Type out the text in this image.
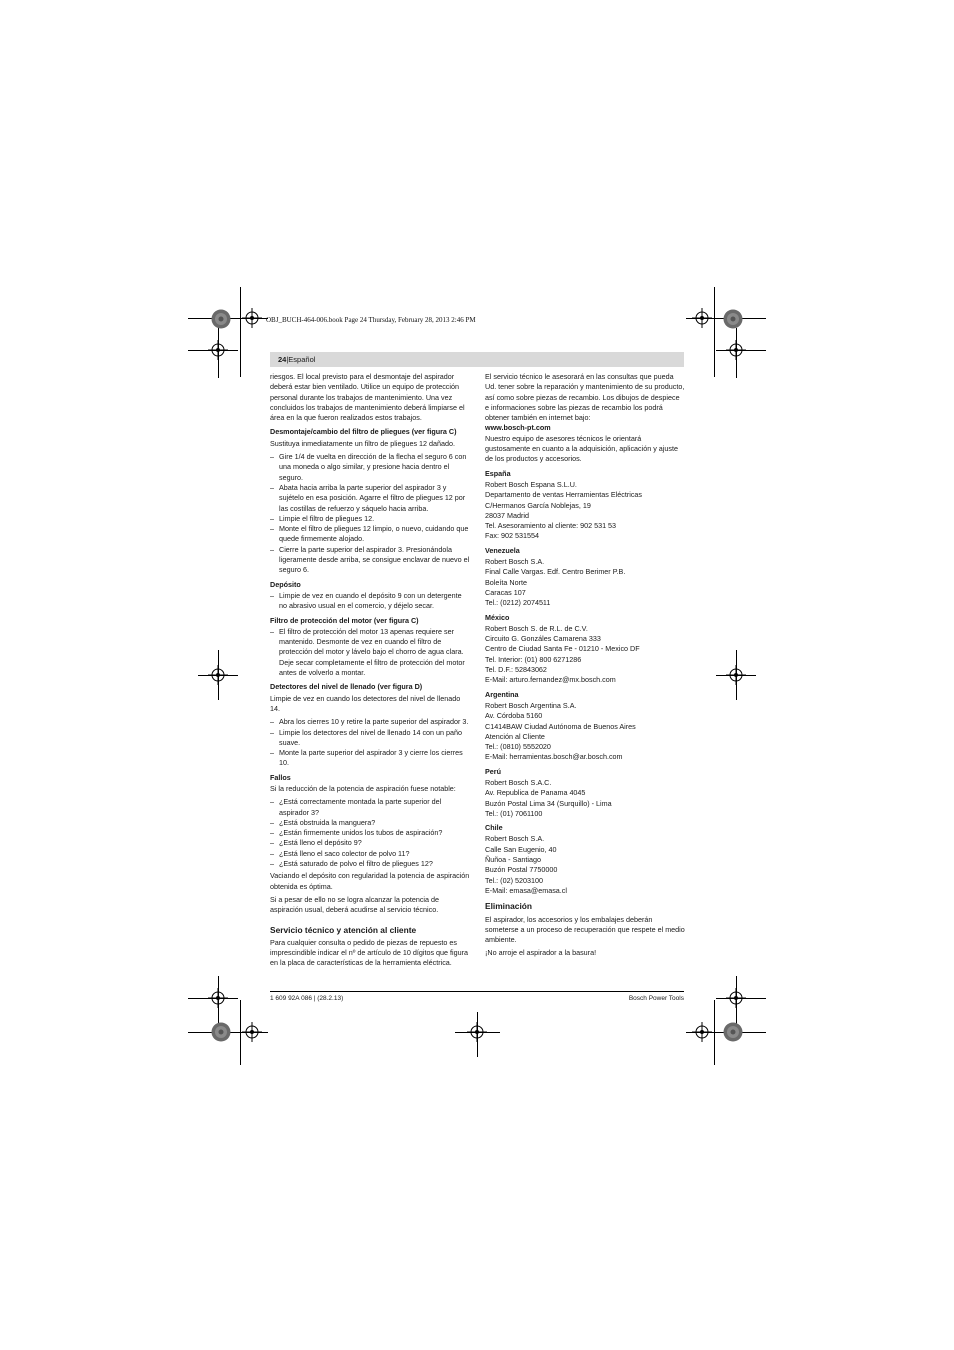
OBJ_BUCH-464-006.book Page 24 Thursday, February 28, 2013 2:46 PM
24|Español

riesgos. El local previsto para el desmontaje del aspirador deberá estar bien ventilado. Utilice un equipo de protección personal durante los trabajos de mantenimiento. Una vez concluidos los trabajos de mantenimiento deberá limpiarse el área en la que fueron realizados estos trabajos.

Desmontaje/cambio del filtro de pliegues (ver figura C)

Sustituya inmediatamente un filtro de pliegues 12 dañado.

– Gire 1/4 de vuelta en dirección de la flecha el seguro 6 con una moneda o algo similar, y presione hacia dentro el seguro.
– Abata hacia arriba la parte superior del aspirador 3 y sujételo en esa posición. Agarre el filtro de pliegues 12 por las costillas de refuerzo y sáquelo hacia arriba.
– Limpie el filtro de pliegues 12.
– Monte el filtro de pliegues 12 limpio, o nuevo, cuidando que quede firmemente alojado.
– Cierre la parte superior del aspirador 3. Presionándola ligeramente desde arriba, se consigue enclavar de nuevo el seguro 6.
Depósito
– Limpie de vez en cuando el depósito 9 con un detergente no abrasivo usual en el comercio, y déjelo secar.
Filtro de protección del motor (ver figura C)
– El filtro de protección del motor 13 apenas requiere ser mantenido. Desmonte de vez en cuando el filtro de protección del motor y lávelo bajo el chorro de agua clara. Deje secar completamente el filtro de protección del motor antes de volverlo a montar.
Detectores del nivel de llenado (ver figura D)

Limpie de vez en cuando los detectores del nivel de llenado 14.

– Abra los cierres 10 y retire la parte superior del aspirador 3.
– Limpie los detectores del nivel de llenado 14 con un paño suave.
– Monte la parte superior del aspirador 3 y cierre los cierres 10.
Fallos

Si la reducción de la potencia de aspiración fuese notable:

– ¿Está correctamente montada la parte superior del aspirador 3?
– ¿Está obstruida la manguera?
– ¿Están firmemente unidos los tubos de aspiración?
– ¿Está lleno el depósito 9?
– ¿Está lleno el saco colector de polvo 11?
– ¿Está saturado de polvo el filtro de pliegues 12?

Vaciando el depósito con regularidad la potencia de aspiración obtenida es óptima.

Si a pesar de ello no se logra alcanzar la potencia de aspiración usual, deberá acudirse al servicio técnico.

Servicio técnico y atención al cliente

Para cualquier consulta o pedido de piezas de repuesto es imprescindible indicar el nº de artículo de 10 dígitos que figura en la placa de características de la herramienta eléctrica.

El servicio técnico le asesorará en las consultas que pueda Ud. tener sobre la reparación y mantenimiento de su producto, así como sobre piezas de recambio. Los dibujos de despiece e informaciones sobre las piezas de recambio los podrá obtener también en internet bajo:

www.bosch-pt.com

Nuestro equipo de asesores técnicos le orientará gustosamente en cuanto a la adquisición, aplicación y ajuste de los productos y accesorios.

España
Robert Bosch Espana S.L.U.
Departamento de ventas Herramientas Eléctricas
C/Hermanos García Noblejas, 19
28037 Madrid
Tel. Asesoramiento al cliente: 902 531 53
Fax: 902 531554
Venezuela
Robert Bosch S.A.
Final Calle Vargas. Edf. Centro Berimer P.B.
Boleíta Norte
Caracas 107
Tel.: (0212) 2074511
México
Robert Bosch S. de R.L. de C.V.
Circuito G. Gonzáles Camarena 333
Centro de Ciudad Santa Fe - 01210 - Mexico DF
Tel. Interior: (01) 800 6271286
Tel. D.F.: 52843062
E-Mail: arturo.fernandez@mx.bosch.com
Argentina
Robert Bosch Argentina S.A.
Av. Córdoba 5160
C1414BAW Ciudad Autónoma de Buenos Aires
Atención al Cliente
Tel.: (0810) 5552020
E-Mail: herramientas.bosch@ar.bosch.com
Perú
Robert Bosch S.A.C.
Av. Republica de Panama 4045
Buzón Postal Lima 34 (Surquillo) - Lima
Tel.: (01) 7061100
Chile
Robert Bosch S.A.
Calle San Eugenio, 40
Ñuñoa - Santiago
Buzón Postal 7750000
Tel.: (02) 5203100
E-Mail: emasa@emasa.cl
Eliminación

El aspirador, los accesorios y los embalajes deberán someterse a un proceso de recuperación que respete el medio ambiente.

¡No arroje el aspirador a la basura!

1 609 92A 086 | (28.2.13)	Bosch Power Tools
